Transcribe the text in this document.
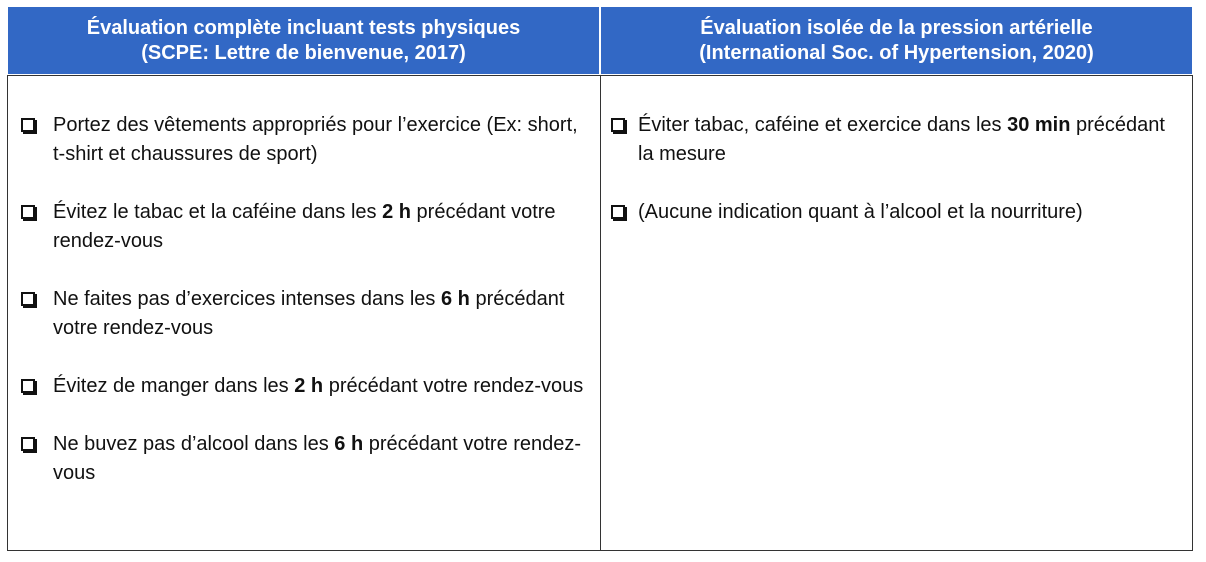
Évaluation complète incluant tests physiques
(SCPE: Lettre de bienvenue, 2017)
Évaluation isolée de la pression artérielle
(International Soc. of Hypertension, 2020)
Portez des vêtements appropriés pour l’exercice (Ex: short, t-shirt et chaussures de sport)
Évitez le tabac et la caféine dans les 2 h précédant votre rendez-vous
Ne faites pas d’exercices intenses dans les 6 h précédant votre rendez-vous
Évitez de manger dans les 2 h précédant votre rendez-vous
Ne buvez pas d’alcool dans les 6 h précédant votre rendez-vous
Éviter tabac, caféine et exercice dans les 30 min précédant la mesure
(Aucune indication quant à l’alcool et la nourriture)
